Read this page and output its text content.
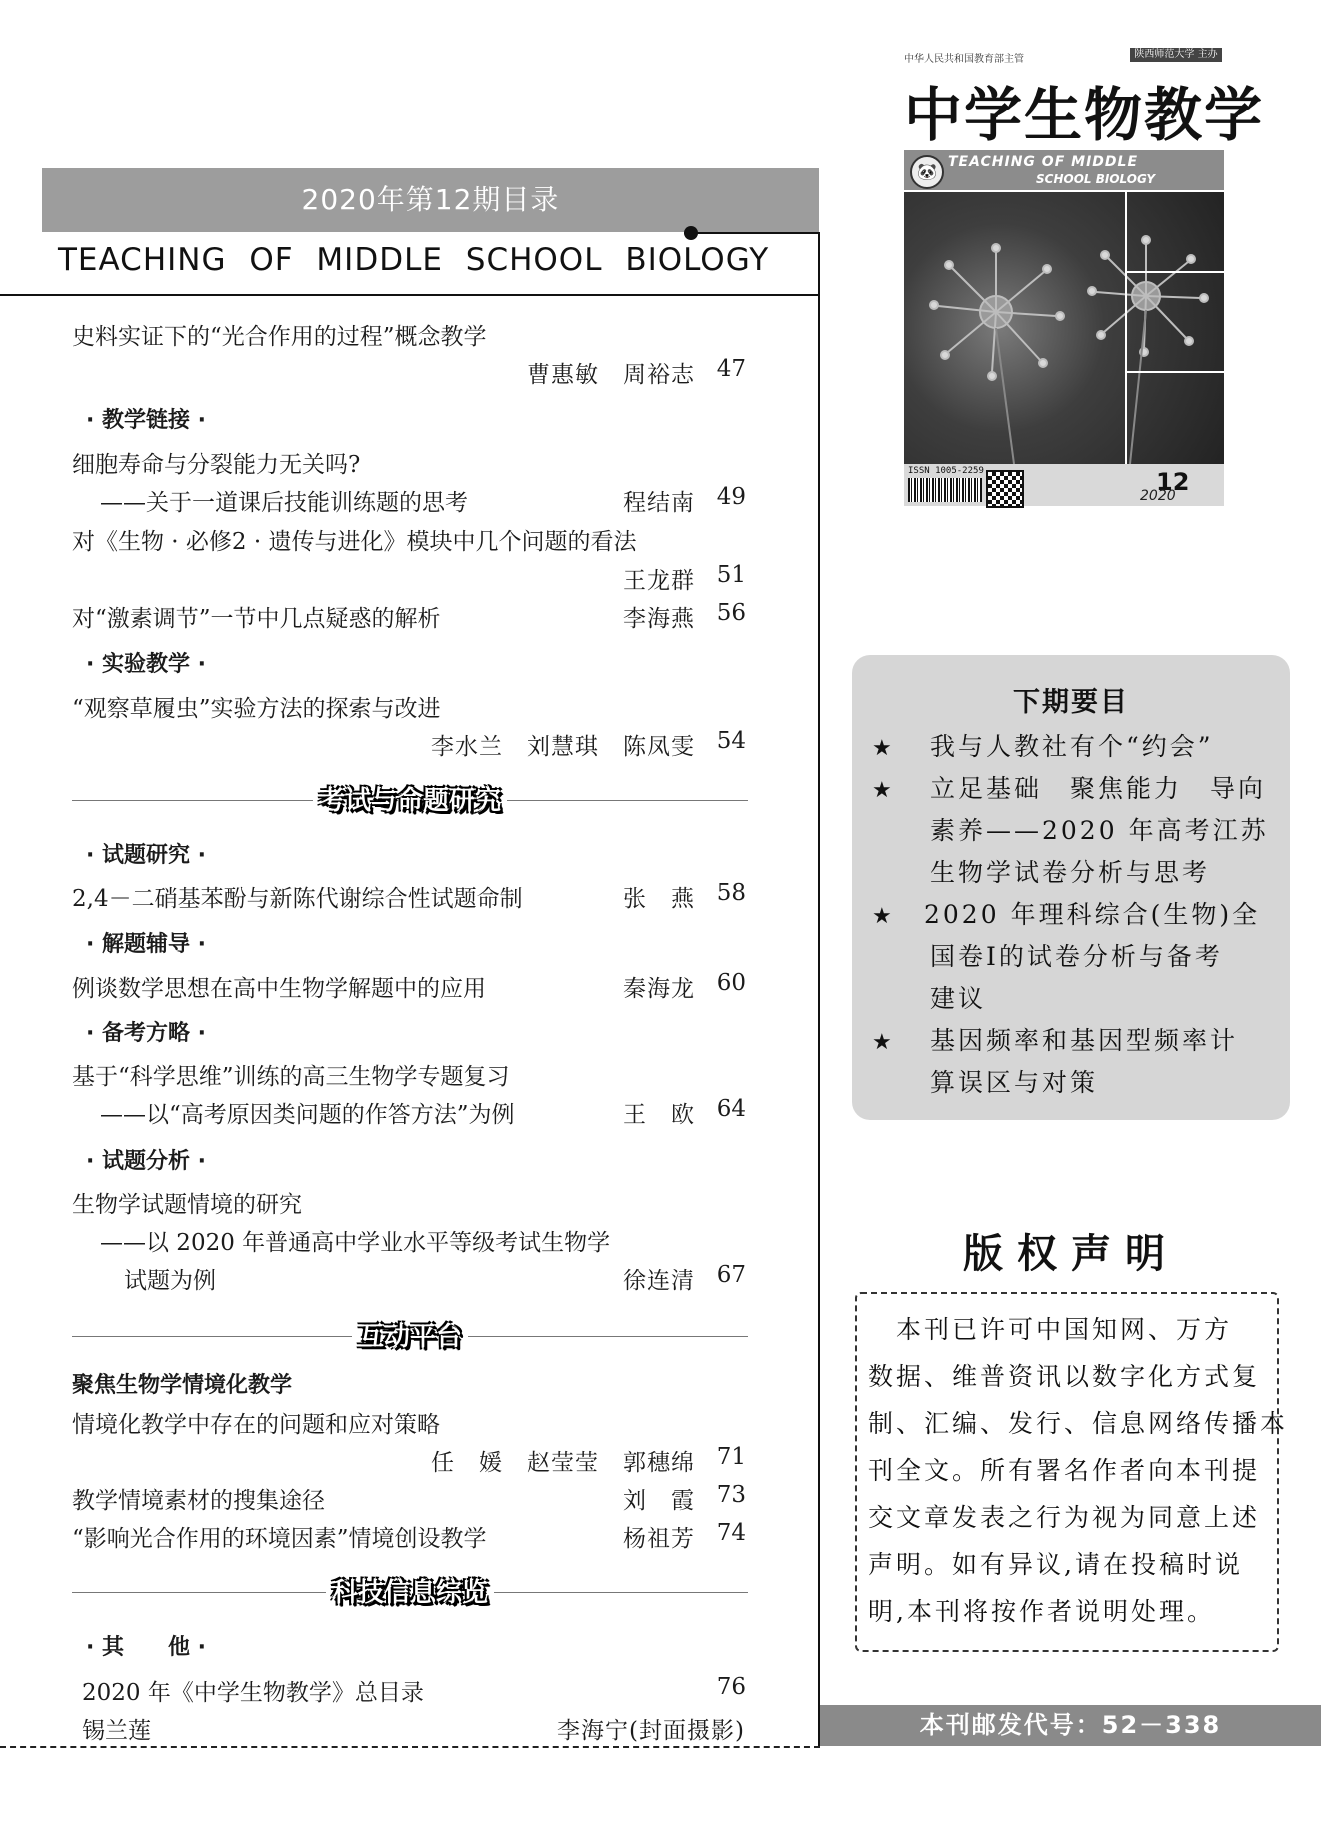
2020年第12期目录
TEACHING OF MIDDLE SCHOOL BIOLOGY
史料实证下的“光合作用的过程”概念教学
曹惠敏　周裕志 47
· 教学链接 ·
细胞寿命与分裂能力无关吗?
——关于一道课后技能训练题的思考	程结南 49
对《生物 · 必修2 · 遗传与进化》模块中几个问题的看法
王龙群 51
对“激素调节”一节中几点疑惑的解析	李海燕 56
· 实验教学 ·
“观察草履虫”实验方法的探索与改进
李水兰　刘慧琪　陈凤雯 54
考试与命题研究
· 试题研究 ·
2,4－二硝基苯酚与新陈代谢综合性试题命制	张　燕 58
· 解题辅导 ·
例谈数学思想在高中生物学解题中的应用	秦海龙 60
· 备考方略 ·
基于“科学思维”训练的高三生物学专题复习
——以“高考原因类问题的作答方法”为例	王　欧 64
· 试题分析 ·
生物学试题情境的研究
——以 2020 年普通高中学业水平等级考试生物学
试题为例	徐连清 67
互动平台
聚焦生物学情境化教学
情境化教学中存在的问题和应对策略
任　媛　赵莹莹　郭穗绵 71
教学情境素材的搜集途径	刘　霞 73
“影响光合作用的环境因素”情境创设教学	杨祖芳 74
科技信息综览
· 其　　他 ·
2020 年《中学生物教学》总目录	76
锡兰莲	李海宁(封面摄影)
中华人民共和国教育部主管	陕西师范大学 主办
中学生物教学
🐼 TEACHING OF MIDDLE
SCHOOL BIOLOGY
ISSN 1005-2259	12
2020
下期要目
★ 我与人教社有个“约会”
★ 立足基础　聚焦能力　导向
素养——2020 年高考江苏
生物学试卷分析与思考
★ 2020 年理科综合(生物)全
国卷Ⅰ的试卷分析与备考
建议
★ 基因频率和基因型频率计
算误区与对策
版权声明
　本刊已许可中国知网、万方
数据、维普资讯以数字化方式复
制、汇编、发行、信息网络传播本
刊全文。所有署名作者向本刊提
交文章发表之行为视为同意上述
声明。如有异议,请在投稿时说
明,本刊将按作者说明处理。
本刊邮发代号：52－338
